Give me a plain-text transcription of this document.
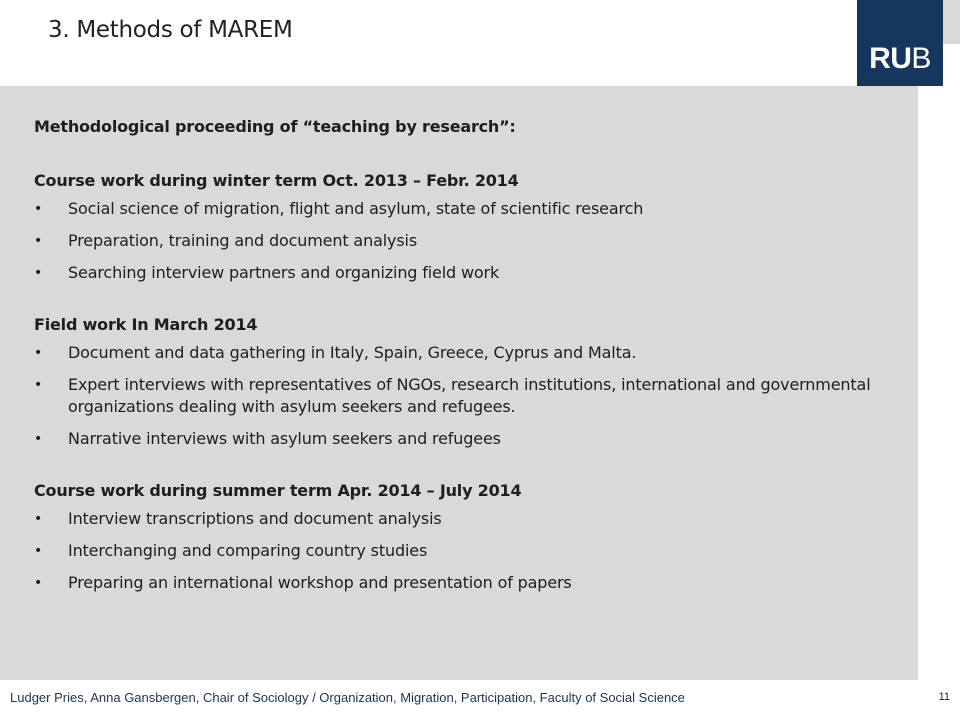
3. Methods of MAREM
RU B
Methodological proceeding of “teaching by research”:
Course work during winter term Oct. 2013 – Febr. 2014
• Social science of migration, flight and asylum, state of scientific research
• Preparation, training and document analysis
• Searching interview partners and organizing field work
Field work In March 2014
• Document and data gathering in Italy, Spain, Greece, Cyprus and Malta.
• Expert interviews with representatives of NGOs, research institutions, international and governmental organizations dealing with asylum seekers and refugees.
• Narrative interviews with asylum seekers and refugees
Course work during summer term Apr. 2014 – July 2014
• Interview transcriptions and document analysis
• Interchanging and comparing country studies
• Preparing an international workshop and presentation of papers
Ludger Pries, Anna Gansbergen, Chair of Sociology / Organization, Migration, Participation, Faculty of Social Science	11
